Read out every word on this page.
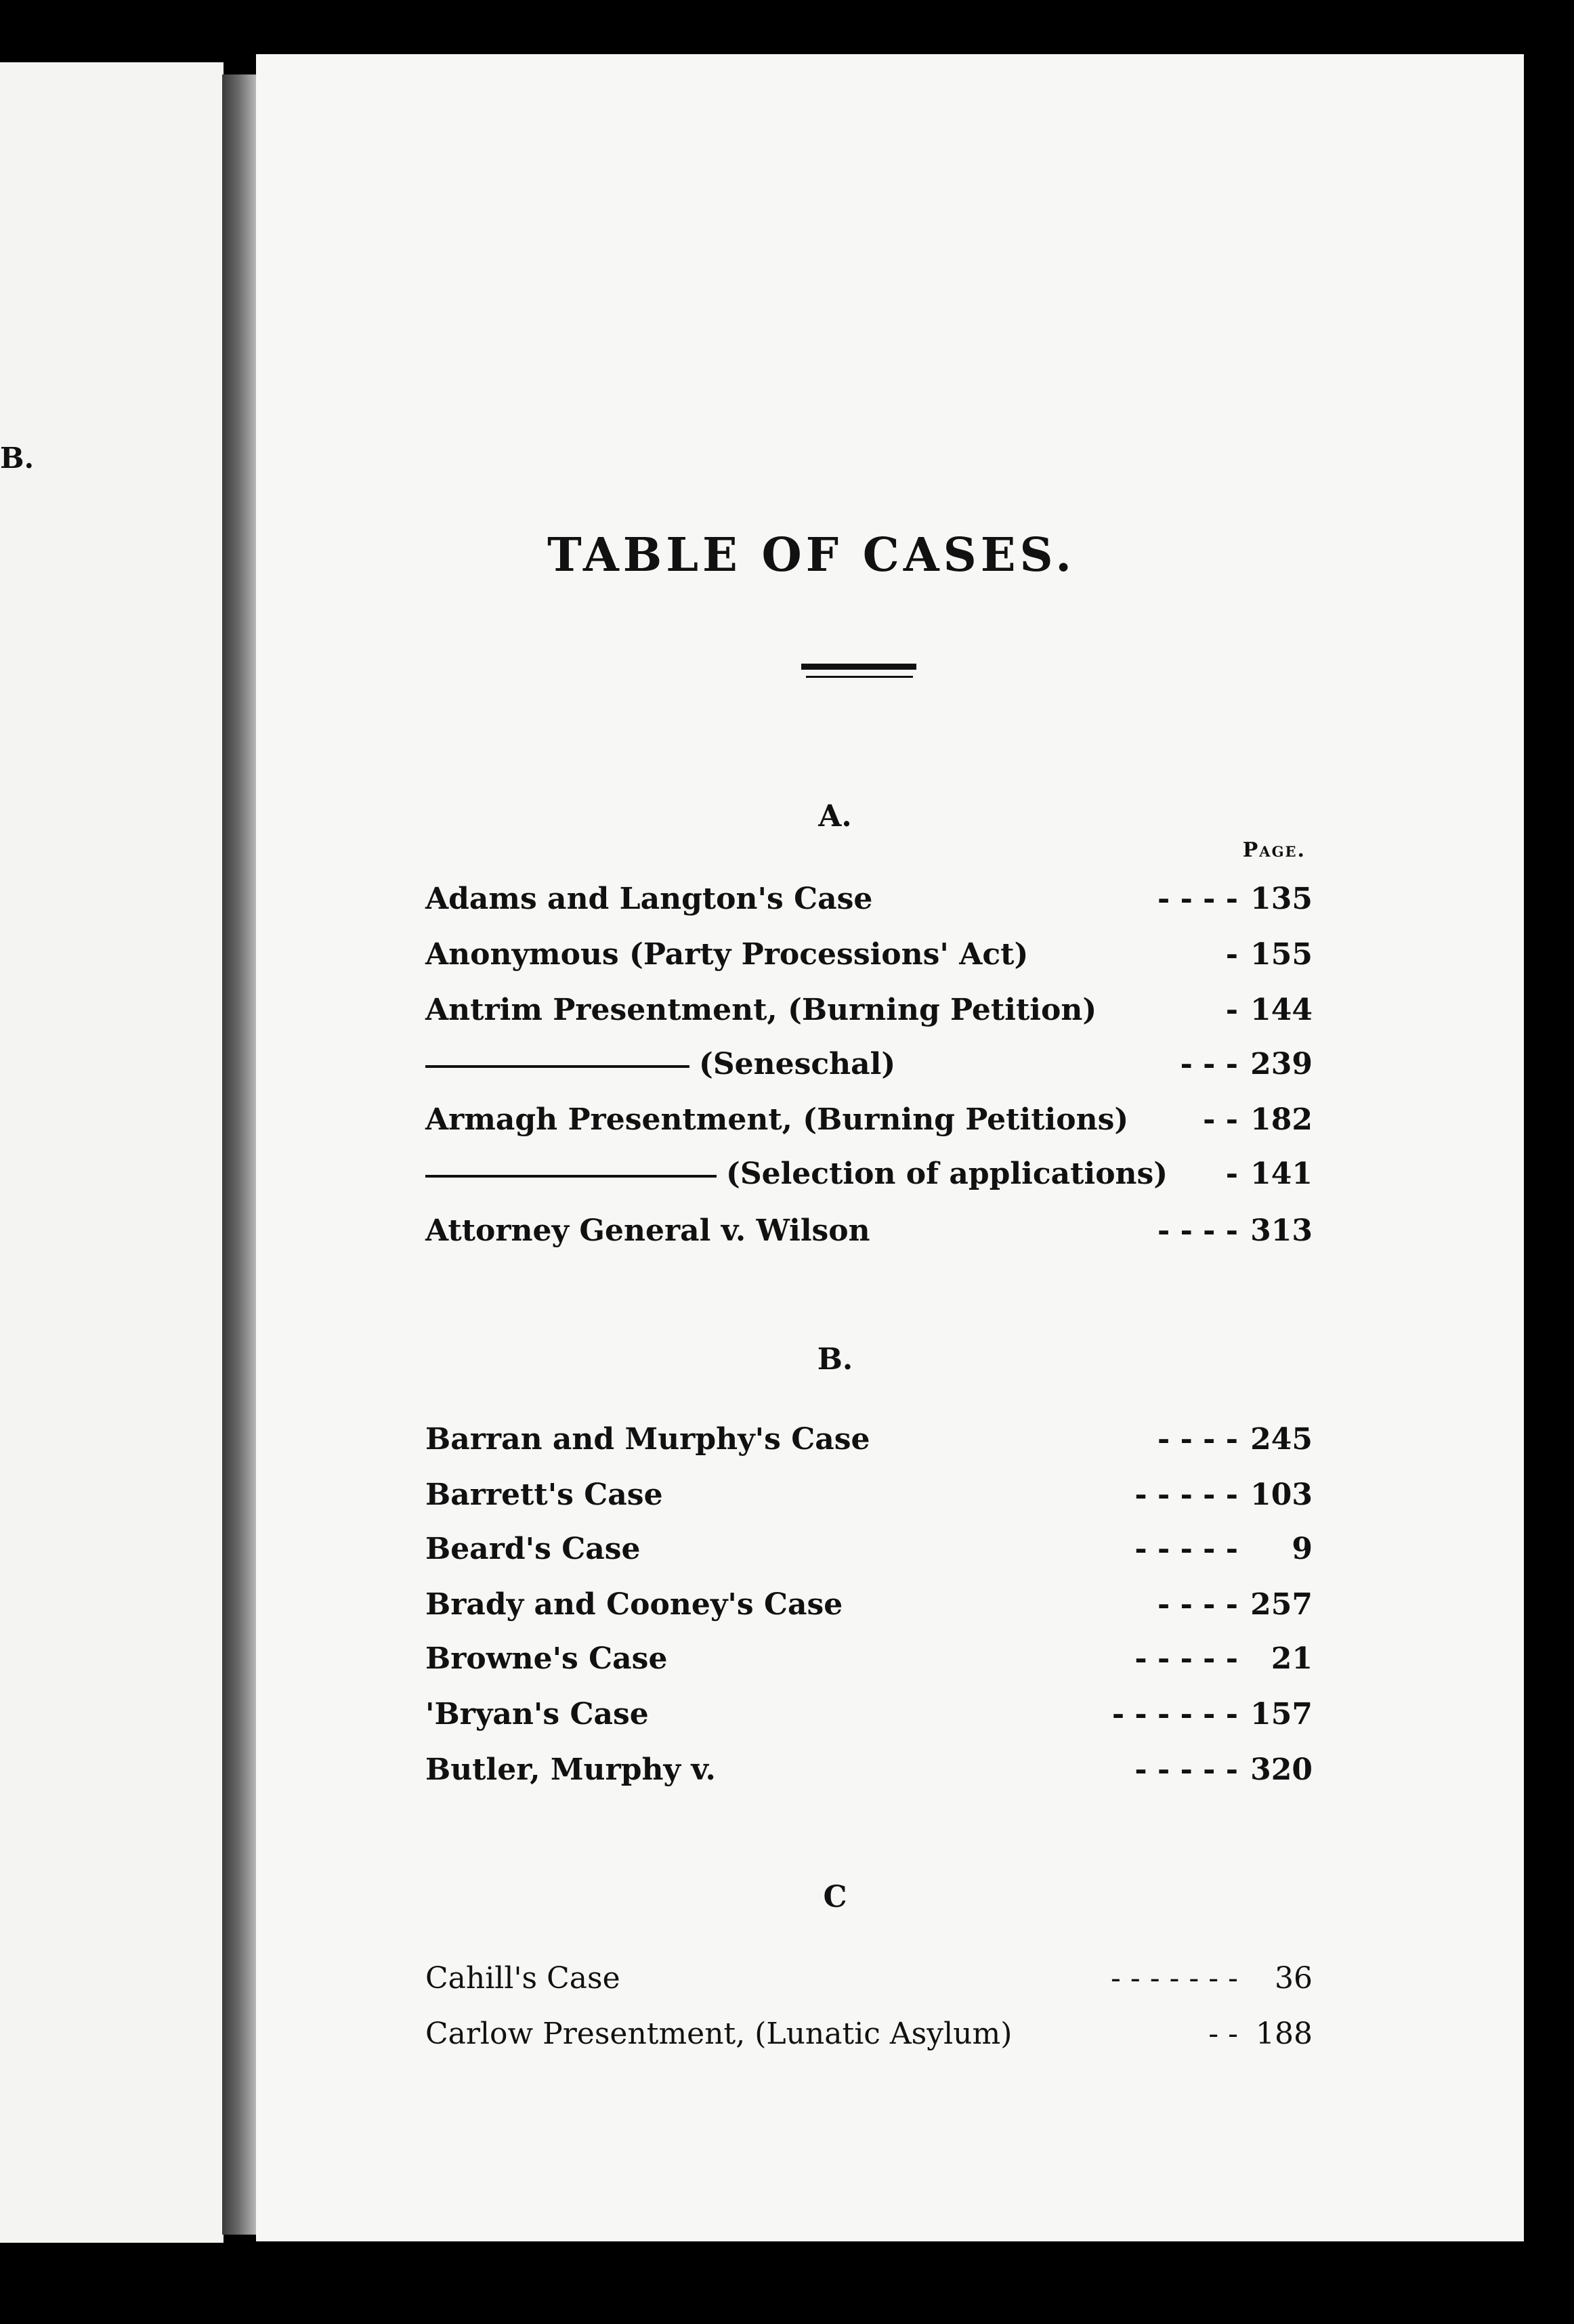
B.
TABLE OF CASES.
A.
Page.
Adams and Langton's Case	- - - - 135
Anonymous (Party Processions' Act)	- 155
Antrim Presentment, (Burning Petition)	- 144
(Seneschal)	- - - 239
Armagh Presentment, (Burning Petitions) - - 182
(Selection of applications) - 141
Attorney General v. Wilson	- - - - 313
B.
Barran and Murphy's Case	- - - - 245
Barrett's Case	- - - - - 103
Beard's Case	- - - - - 9
Brady and Cooney's Case	- - - - 257
Browne's Case	- - - - - 21
'Bryan's Case	- - - - - - 157
Butler, Murphy v.	- - - - - 320
C
Cahill's Case	- - - - - - - 36
Carlow Presentment, (Lunatic Asylum)	- - 188
